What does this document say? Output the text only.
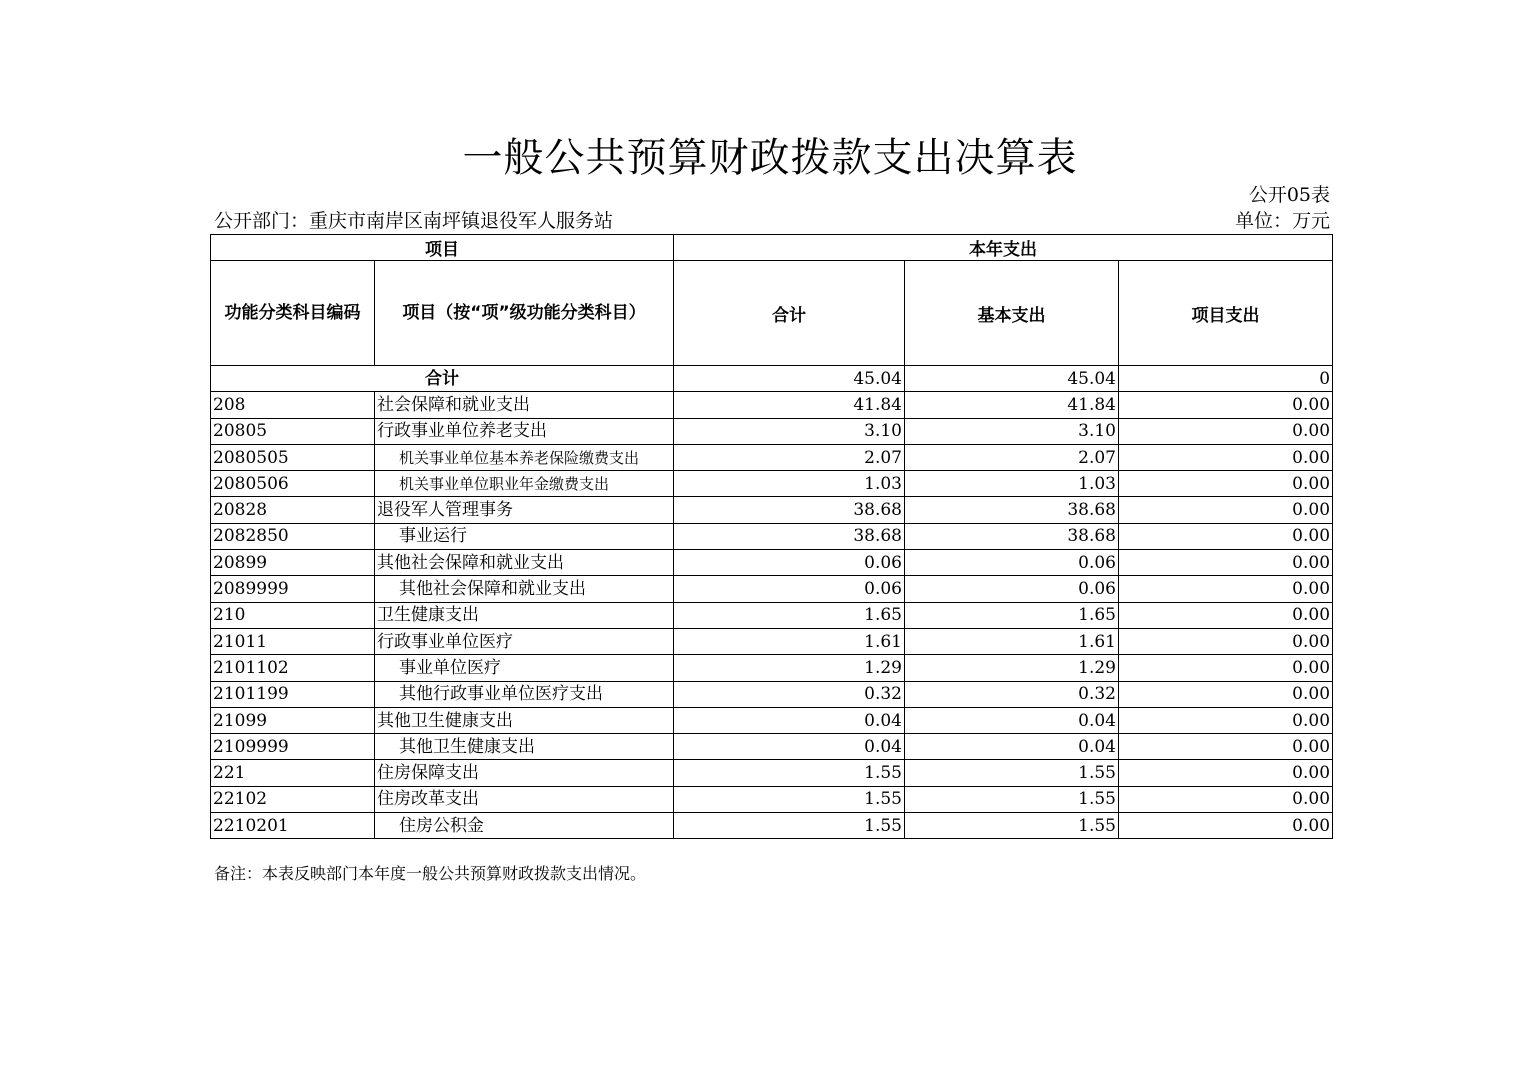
一般公共预算财政拨款支出决算表
公开05表
公开部门：重庆市南岸区南坪镇退役军人服务站	单位：万元
项目		本年支出		
功能分类科目编码	项目（按“项”级功能分类科目）	合计	基本支出	项目支出
合计		45.04	45.04	0
208	社会保障和就业支出	41.84	41.84	0.00
20805	行政事业单位养老支出	3.10	3.10	0.00
2080505	机关事业单位基本养老保险缴费支出	2.07	2.07	0.00
2080506	机关事业单位职业年金缴费支出	1.03	1.03	0.00
20828	退役军人管理事务	38.68	38.68	0.00
2082850	事业运行	38.68	38.68	0.00
20899	其他社会保障和就业支出	0.06	0.06	0.00
2089999	其他社会保障和就业支出	0.06	0.06	0.00
210	卫生健康支出	1.65	1.65	0.00
21011	行政事业单位医疗	1.61	1.61	0.00
2101102	事业单位医疗	1.29	1.29	0.00
2101199	其他行政事业单位医疗支出	0.32	0.32	0.00
21099	其他卫生健康支出	0.04	0.04	0.00
2109999	其他卫生健康支出	0.04	0.04	0.00
221	住房保障支出	1.55	1.55	0.00
22102	住房改革支出	1.55	1.55	0.00
2210201	住房公积金	1.55	1.55	0.00
备注：本表反映部门本年度一般公共预算财政拨款支出情况。
